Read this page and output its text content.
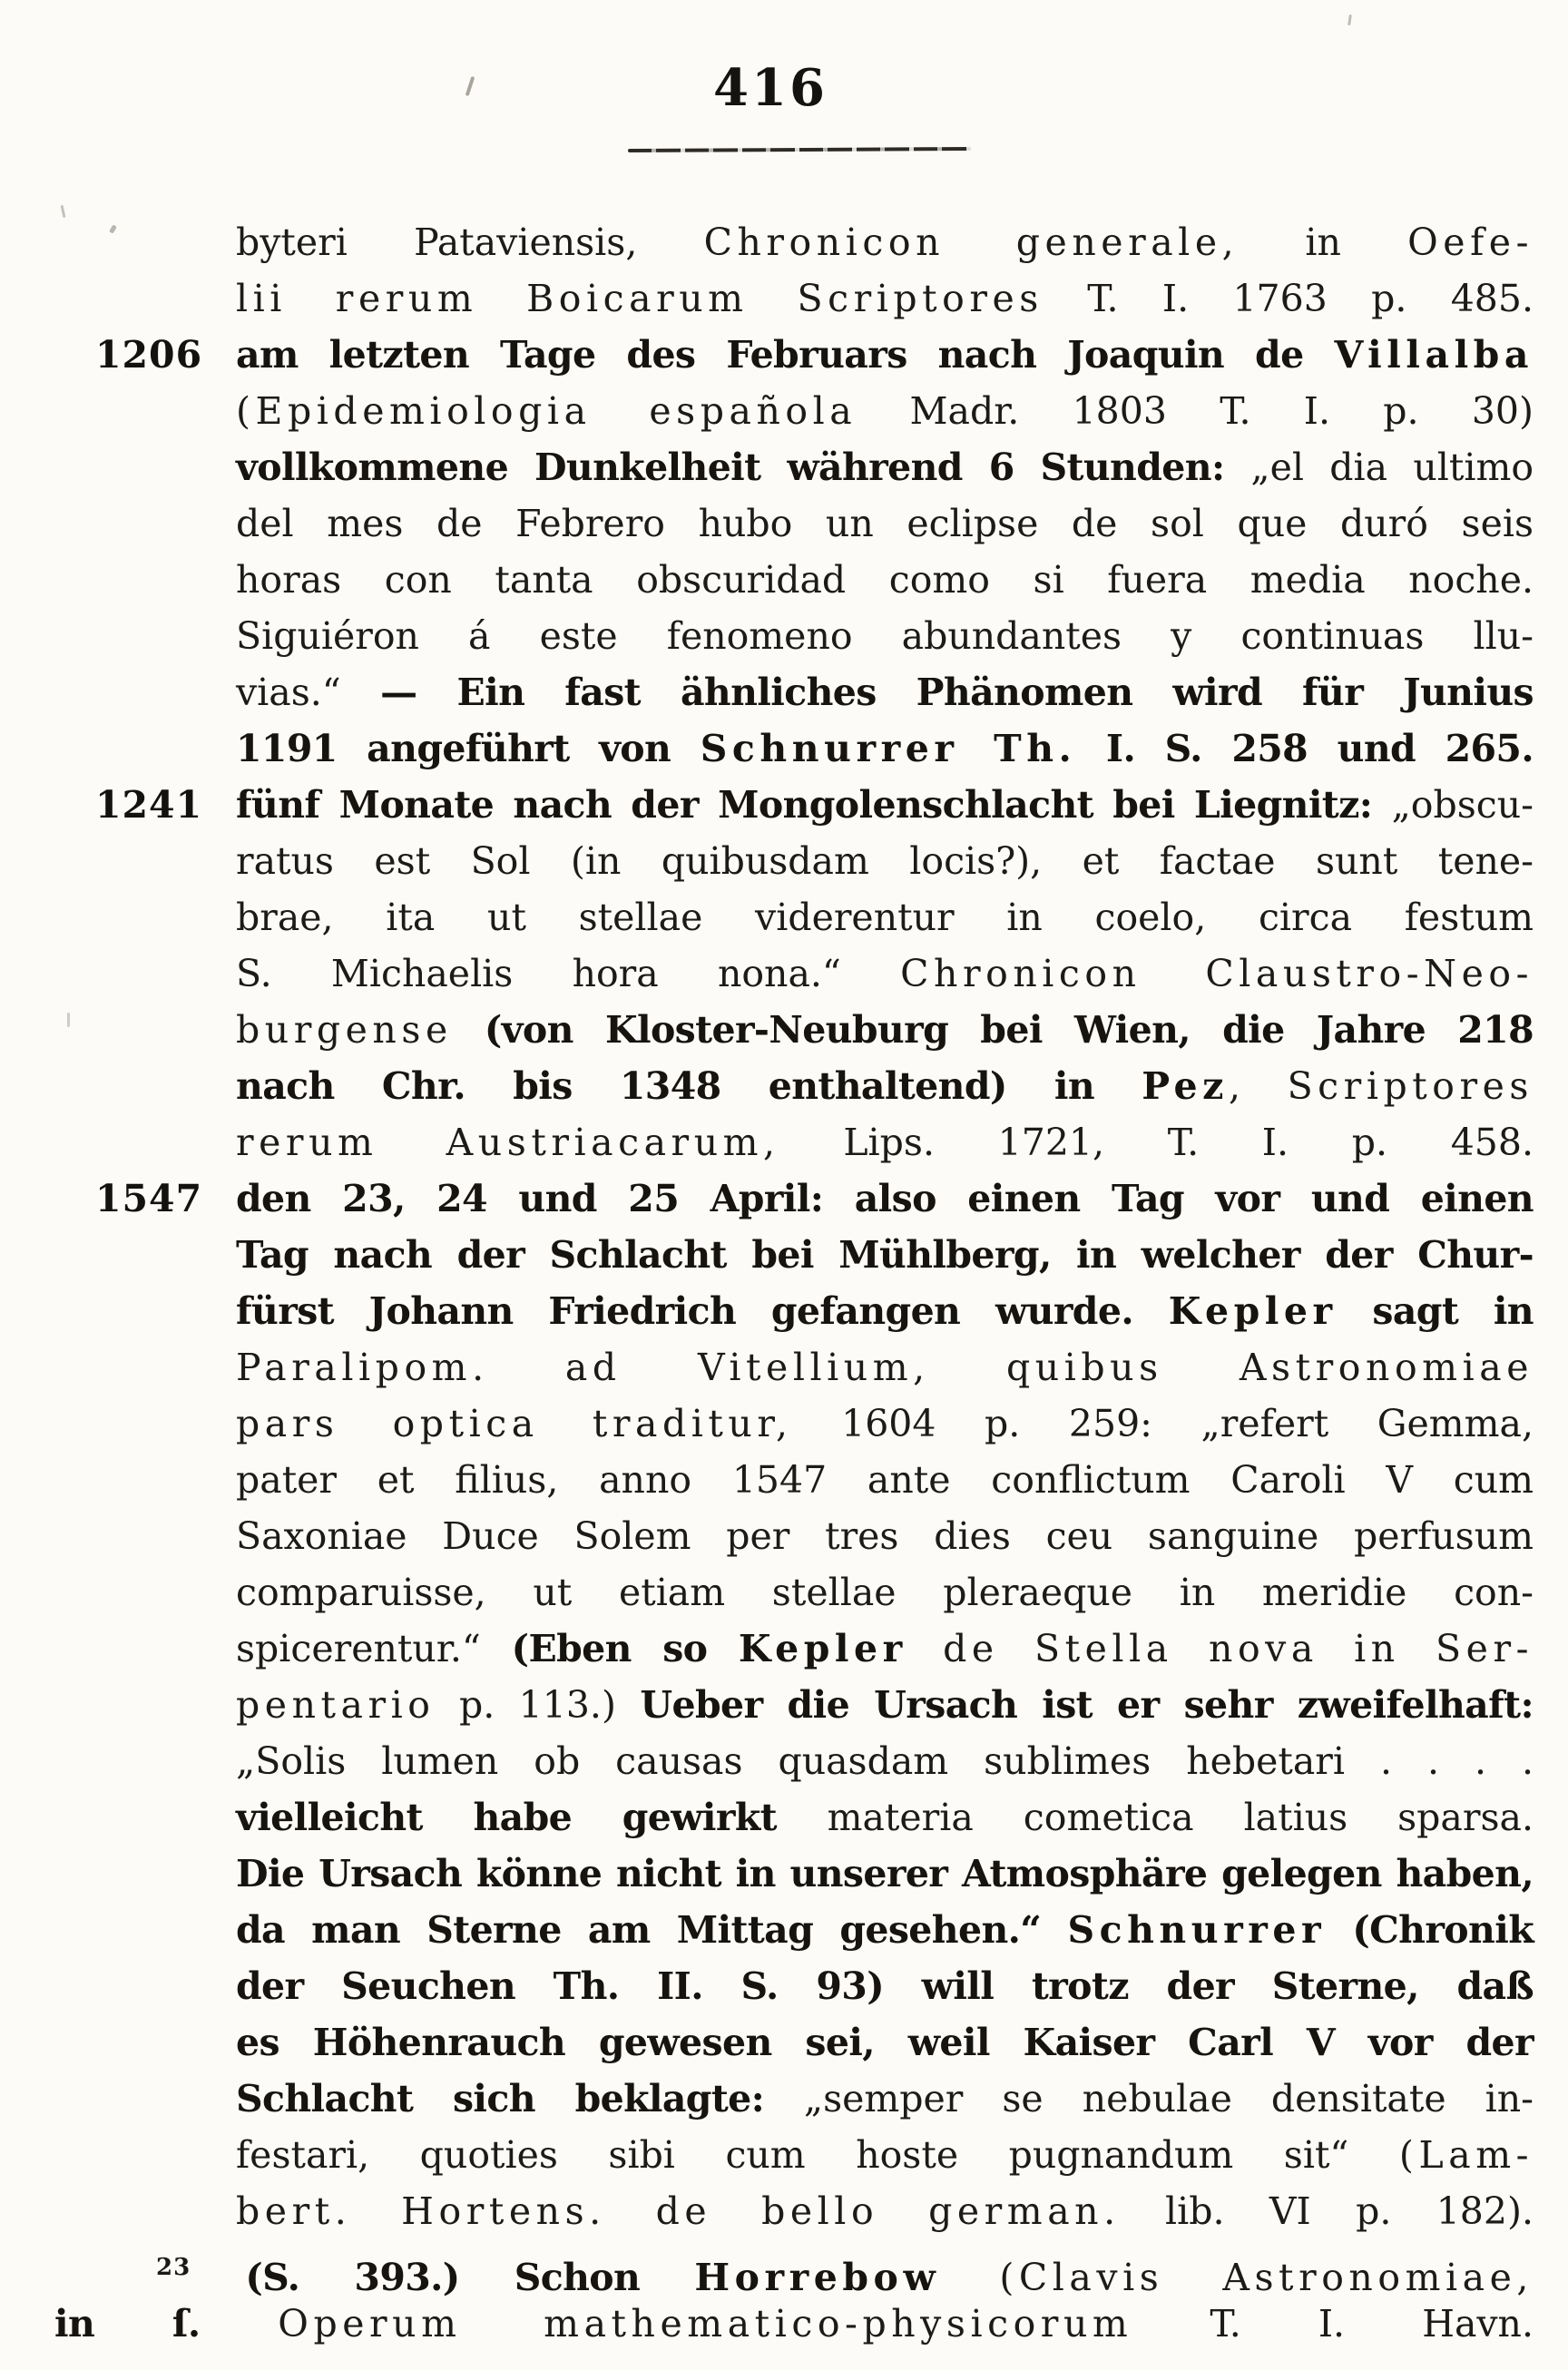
416
byteri Pataviensis, Chronicon generale, in Oefe-
lii rerum Boicarum Scriptores T. I. 1763 p. 485.
1206 am letzten Tage des Februars nach Joaquin de Villalba
(Epidemiologia española Madr. 1803 T. I. p. 30)
vollkommene Dunkelheit während 6 Stunden: „el dia ultimo
del mes de Febrero hubo un eclipse de sol que duró seis
horas con tanta obscuridad como si fuera media noche.
Siguiéron á este fenomeno abundantes y continuas llu-
vias.“ — Ein fast ähnliches Phänomen wird für Junius
1191 angeführt von Schnurrer Th. I. S. 258 und 265.
1241 fünf Monate nach der Mongolenschlacht bei Liegnitz: „obscu-
ratus est Sol (in quibusdam locis?), et factae sunt tene-
brae, ita ut stellae viderentur in coelo, circa festum
S. Michaelis hora nona.“ Chronicon Claustro-Neo-
burgense (von Kloster-Neuburg bei Wien, die Jahre 218
nach Chr. bis 1348 enthaltend) in Pez, Scriptores
rerum Austriacarum, Lips. 1721, T. I. p. 458.
1547 den 23, 24 und 25 April: also einen Tag vor und einen
Tag nach der Schlacht bei Mühlberg, in welcher der Chur-
fürst Johann Friedrich gefangen wurde. Kepler sagt in
Paralipom. ad Vitellium, quibus Astronomiae
pars optica traditur, 1604 p. 259: „refert Gemma,
pater et filius, anno 1547 ante conflictum Caroli V cum
Saxoniae Duce Solem per tres dies ceu sanguine perfusum
comparuisse, ut etiam stellae pleraeque in meridie con-
spicerentur.“ (Eben so Kepler de Stella nova in Ser-
pentario p. 113.) Ueber die Ursach ist er sehr zweifelhaft:
„Solis lumen ob causas quasdam sublimes hebetari . . . .
vielleicht habe gewirkt materia cometica latius sparsa.
Die Ursach könne nicht in unserer Atmosphäre gelegen haben,
da man Sterne am Mittag gesehen.“ Schnurrer (Chronik
der Seuchen Th. II. S. 93) will trotz der Sterne, daß
es Höhenrauch gewesen sei, weil Kaiser Carl V vor der
Schlacht sich beklagte: „semper se nebulae densitate in-
festari, quoties sibi cum hoste pugnandum sit“ (Lam-
bert. Hortens. de bello german. lib. VI p. 182).
$^{23}$ (S. 393.) Schon Horrebow (Clavis Astronomiae,
in ſ. Operum mathematico-physicorum T. I. Havn.
